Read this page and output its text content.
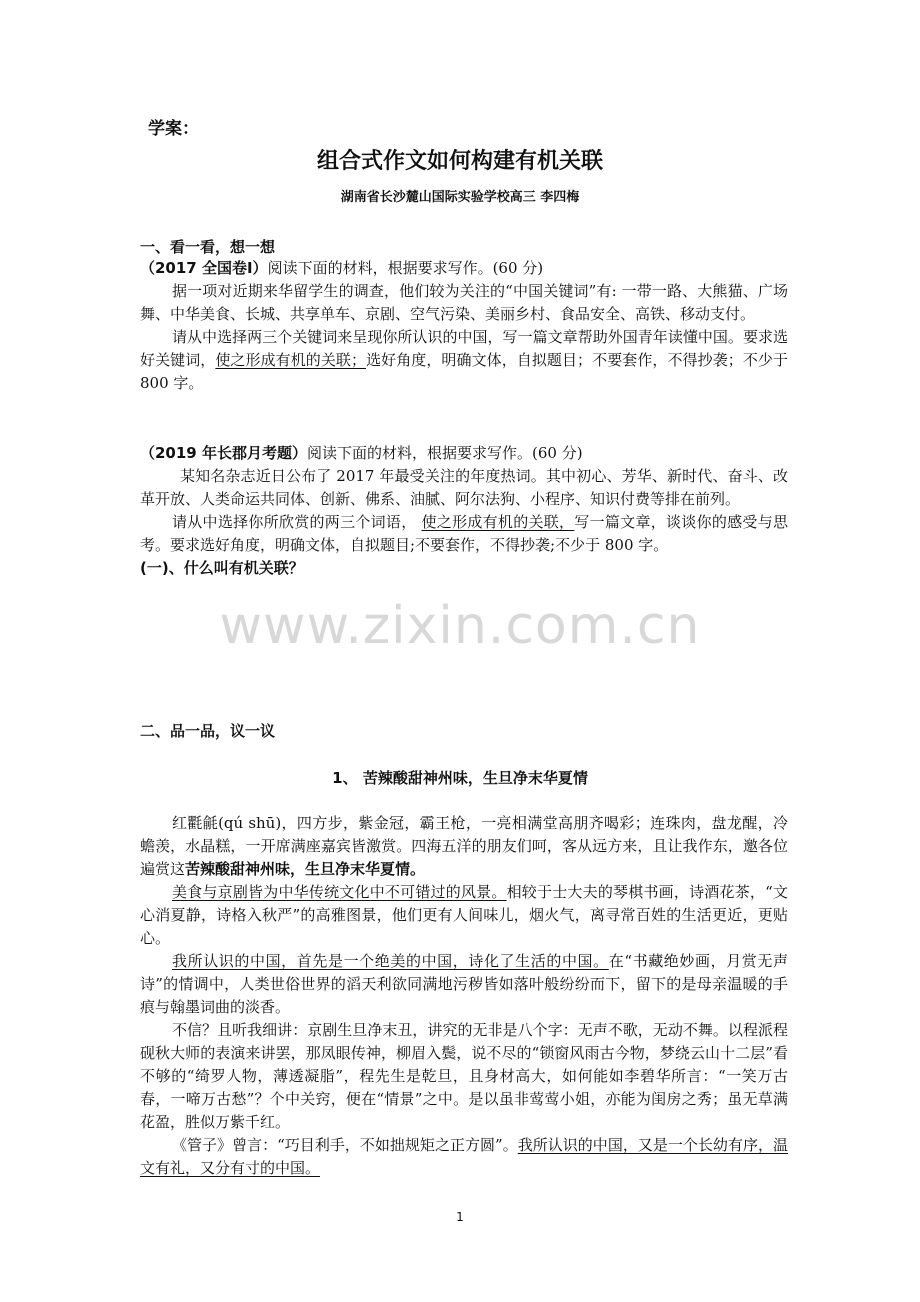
学案：
组合式作文如何构建有机关联
湖南省长沙麓山国际实验学校高三 李四梅
一、看一看，想一想

（2017 全国卷Ⅰ）阅读下面的材料，根据要求写作。(60 分)

据一项对近期来华留学生的调查，他们较为关注的“中国关键词”有: 一带一路、大熊猫、广场舞、中华美食、长城、共享单车、京剧、空气污染、美丽乡村、食品安全、高铁、移动支付。

请从中选择两三个关键词来呈现你所认识的中国，写一篇文章帮助外国青年读懂中国。要求选好关键词，使之形成有机的关联；选好角度，明确文体，自拟题目；不要套作，不得抄袭；不少于 800 字。

（2019 年长郡月考题）阅读下面的材料，根据要求写作。(60 分)

某知名杂志近日公布了 2017 年最受关注的年度热词。其中初心、芳华、新时代、奋斗、改革开放、人类命运共同体、创新、佛系、油腻、阿尔法狗、小程序、知识付费等排在前列。

请从中选择你所欣赏的两三个词语， 使之形成有机的关联，写一篇文章，谈谈你的感受与思考。要求选好角度，明确文体，自拟题目;不要套作，不得抄袭;不少于 800 字。

(一)、什么叫有机关联？

www.zixin.com.cn
二、品一品，议一议
1、 苦辣酸甜神州味，生旦净末华夏情

红氍毹(qú shū)，四方步，紫金冠，霸王枪，一亮相满堂高朋齐喝彩；连珠肉，盘龙醒，冷蟾羡，水晶糕，一开席满座嘉宾皆激赏。四海五洋的朋友们呵，客从远方来，且让我作东，邀各位遍赏这苦辣酸甜神州味，生旦净末华夏情。

美食与京剧皆为中华传统文化中不可错过的风景。相较于士大夫的琴棋书画，诗酒花茶，“文心消夏静，诗格入秋严”的高雅图景，他们更有人间味儿，烟火气，离寻常百姓的生活更近，更贴心。

我所认识的中国，首先是一个绝美的中国，诗化了生活的中国。在“书藏绝妙画，月赏无声诗”的情调中，人类世俗世界的滔天利欲同满地污秽皆如落叶般纷纷而下，留下的是母亲温暖的手痕与翰墨词曲的淡香。

不信？且听我细讲：京剧生旦净末丑，讲究的无非是八个字：无声不歌，无动不舞。以程派程砚秋大师的表演来讲罢，那凤眼传神，柳眉入鬓，说不尽的“锁窗风雨古今物，梦绕云山十二层”看不够的“绮罗人物，薄透凝脂”，程先生是乾旦，且身材高大，如何能如李碧华所言：“一笑万古春，一啼万古愁”？个中关窍，便在“情景”之中。是以虽非莺莺小姐，亦能为闺房之秀；虽无草满花盈，胜似万紫千红。

《管子》曾言：“巧目利手，不如拙规矩之正方圆”。我所认识的中国，又是一个长幼有序，温文有礼，又分有寸的中国。

1
